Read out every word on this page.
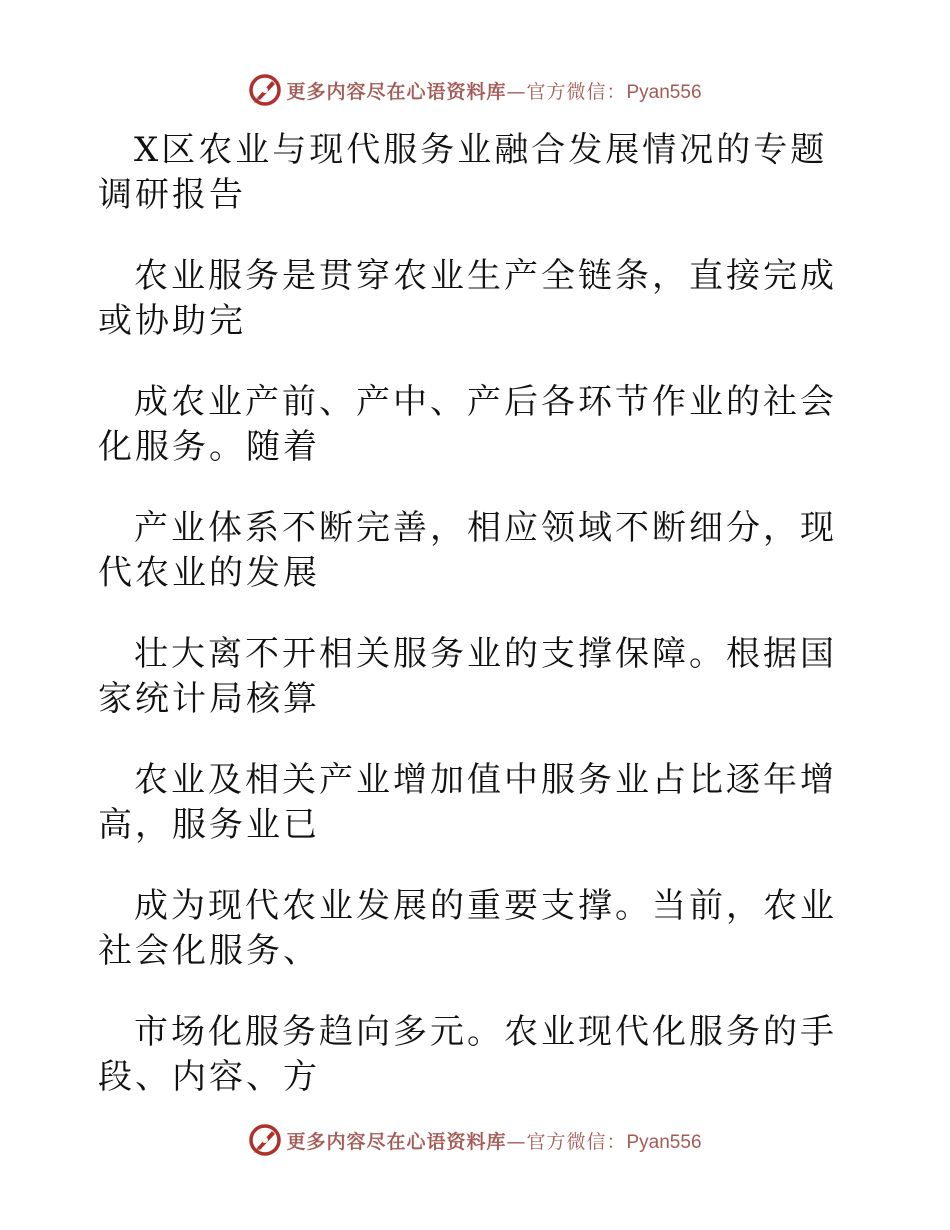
更多内容尽在心语资料库—官方微信：Pyan556

X区农业与现代服务业融合发展情况的专题调研报告

农业服务是贯穿农业生产全链条，直接完成或协助完

成农业产前、产中、产后各环节作业的社会化服务。随着

产业体系不断完善，相应领域不断细分，现代农业的发展

壮大离不开相关服务业的支撑保障。根据国家统计局核算

农业及相关产业增加值中服务业占比逐年增高，服务业已

成为现代农业发展的重要支撑。当前，农业社会化服务、

市场化服务趋向多元。农业现代化服务的手段、内容、方

更多内容尽在心语资料库—官方微信：Pyan556
